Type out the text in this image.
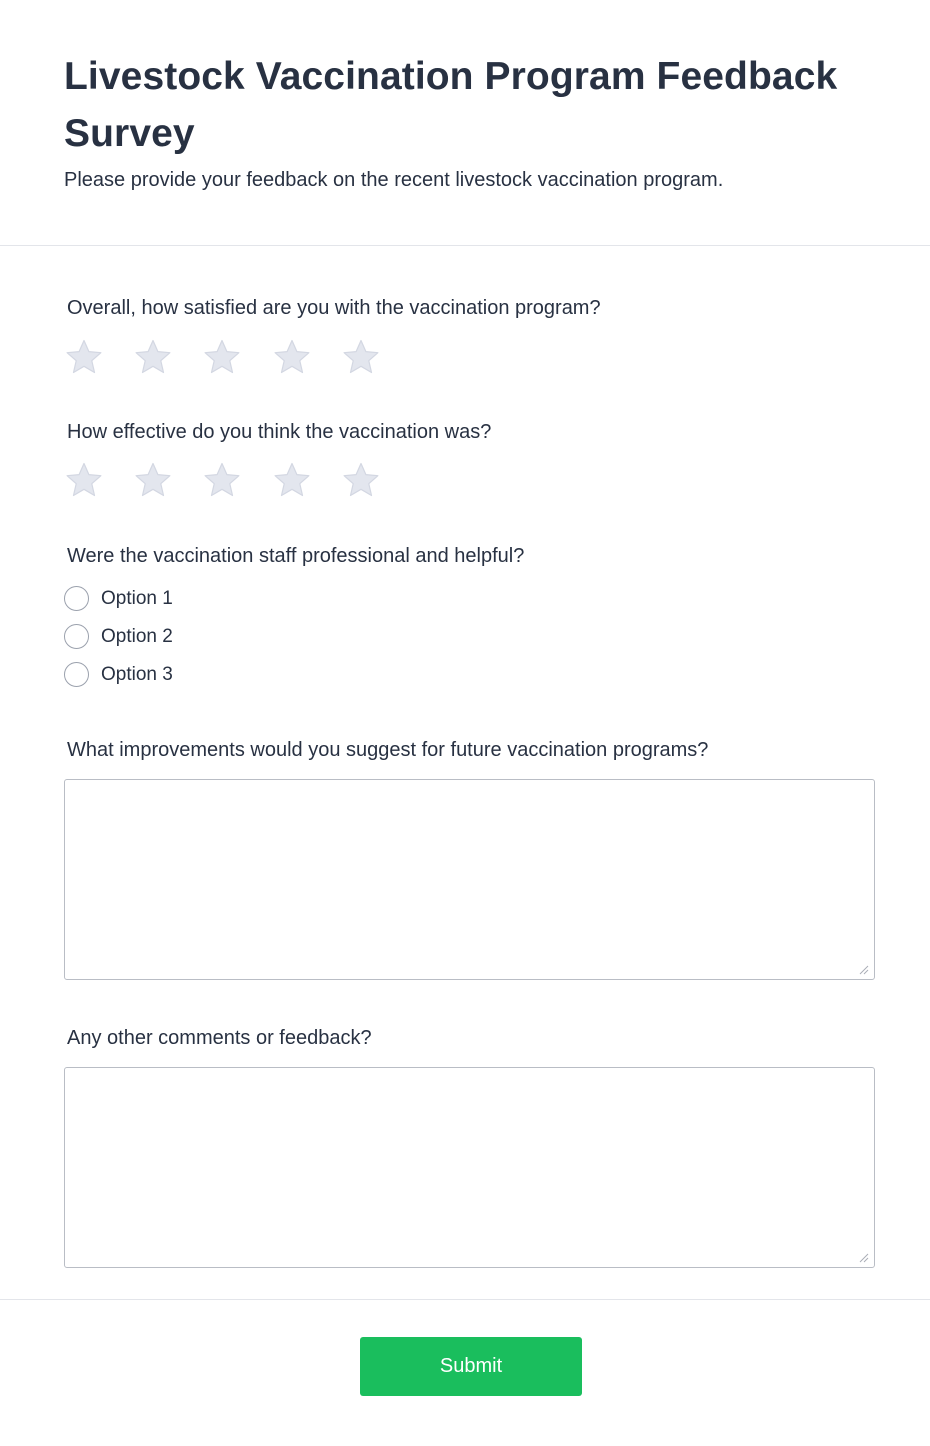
Livestock Vaccination Program Feedback Survey

Please provide your feedback on the recent livestock vaccination program.

Overall, how satisfied are you with the vaccination program?
How effective do you think the vaccination was?
Were the vaccination staff professional and helpful?
Option 1
Option 2
Option 3
What improvements would you suggest for future vaccination programs?
Any other comments or feedback?
Submit
